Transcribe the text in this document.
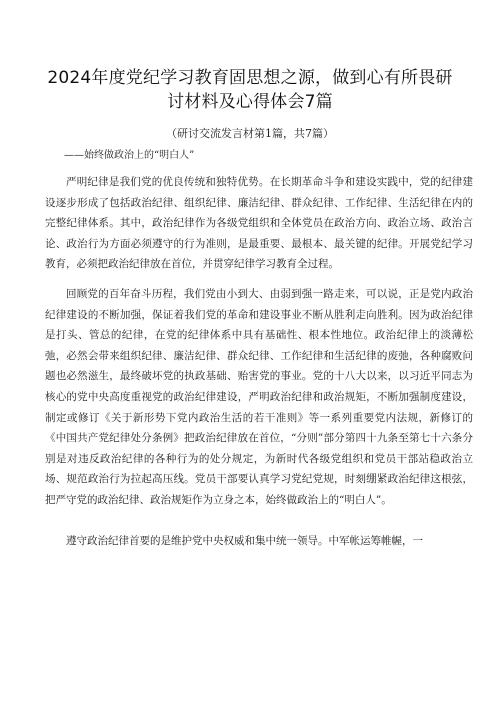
2024年度党纪学习教育固思想之源，做到心有所畏研讨材料及心得体会7篇
（研讨交流发言材第1篇，共7篇）
——始终做政治上的“明白人”

严明纪律是我们党的优良传统和独特优势。在长期革命斗争和建设实践中，党的纪律建设逐步形成了包括政治纪律、组织纪律、廉洁纪律、群众纪律、工作纪律、生活纪律在内的完整纪律体系。其中，政治纪律作为各级党组织和全体党员在政治方向、政治立场、政治言论、政治行为方面必须遵守的行为准则，是最重要、最根本、最关键的纪律。开展党纪学习教育，必须把政治纪律放在首位，并贯穿纪律学习教育全过程。

回顾党的百年奋斗历程，我们党由小到大、由弱到强一路走来，可以说，正是党内政治纪律建设的不断加强，保证着我们党的革命和建设事业不断从胜利走向胜利。因为政治纪律是打头、管总的纪律，在党的纪律体系中具有基础性、根本性地位。政治纪律上的淡薄松弛，必然会带来组织纪律、廉洁纪律、群众纪律、工作纪律和生活纪律的废弛，各种腐败问题也必然滋生，最终破坏党的执政基础、贻害党的事业。党的十八大以来，以习近平同志为核心的党中央高度重视党的政治纪律建设，严明政治纪律和政治规矩，不断加强制度建设，制定或修订《关于新形势下党内政治生活的若干准则》等一系列重要党内法规，新修订的《中国共产党纪律处分条例》把政治纪律放在首位，“分则”部分第四十九条至第七十六条分别是对违反政治纪律的各种行为的处分规定，为新时代各级党组织和党员干部站稳政治立场、规范政治行为拉起高压线。党员干部要认真学习党纪党规，时刻绷紧政治纪律这根弦，把严守党的政治纪律、政治规矩作为立身之本，始终做政治上的“明白人”。

遵守政治纪律首要的是维护党中央权威和集中统一领导。中军帐运筹帷幄，一
